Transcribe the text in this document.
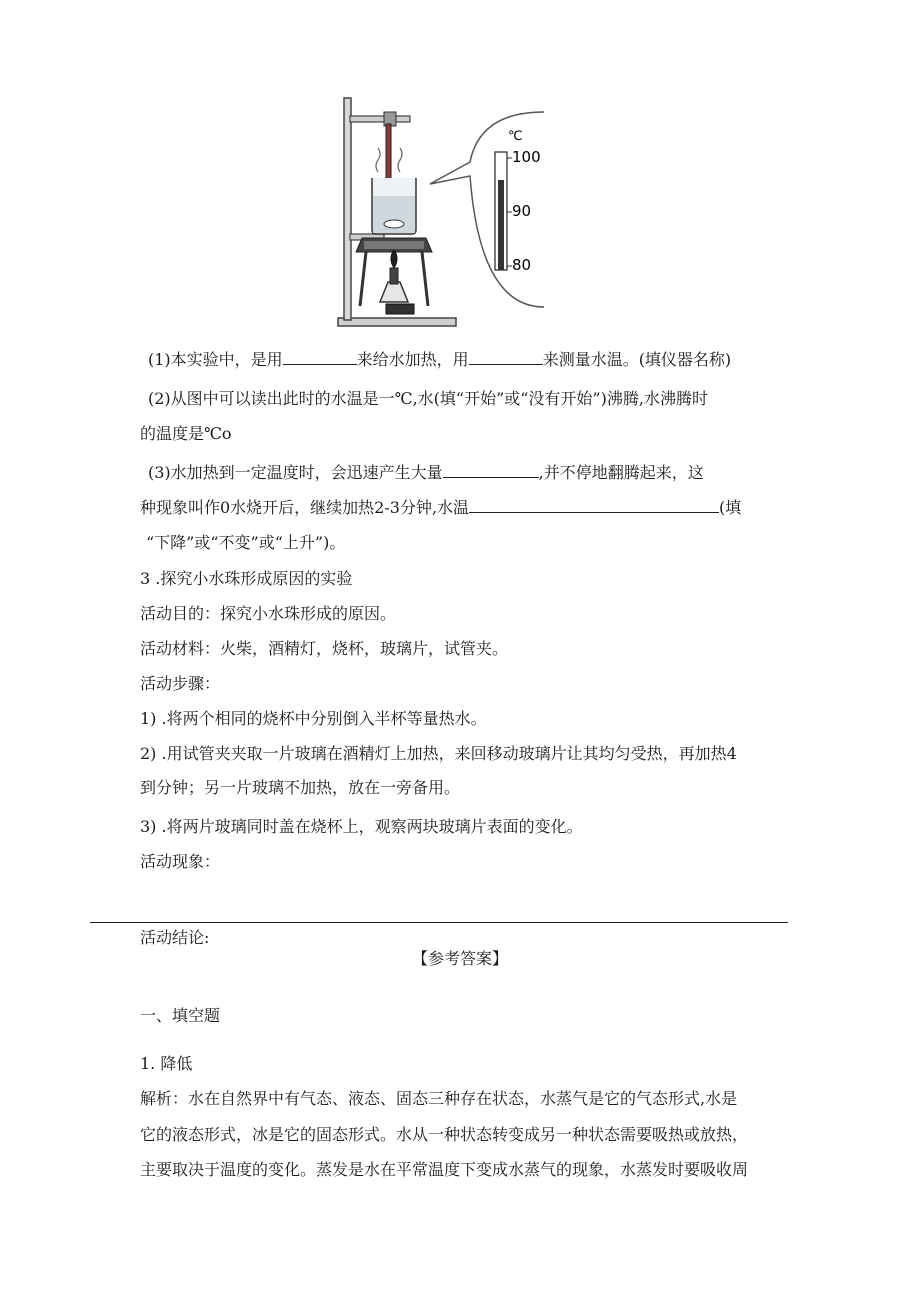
℃
100
90
80
(1)本实验中，是用	来给水加热，用	来测量水温。(填仪器名称)
(2)从图中可以读出此时的水温是一℃,水(填“开始”或“没有开始”)沸腾,水沸腾时
的温度是℃o
(3)水加热到一定温度时，会迅速产生大量	,并不停地翻腾起来，这
种现象叫作0水烧开后，继续加热2-3分钟,水温	(填
“下降”或“不变”或“上升”)。
3 .探究小水珠形成原因的实验
活动目的：探究小水珠形成的原因。
活动材料：火柴，酒精灯，烧杯，玻璃片，试管夹。
活动步骤：
1) .将两个相同的烧杯中分别倒入半杯等量热水。
2) .用试管夹夹取一片玻璃在酒精灯上加热，来回移动玻璃片让其均匀受热，再加热4
到分钟；另一片玻璃不加热，放在一旁备用。
3) .将两片玻璃同时盖在烧杯上，观察两块玻璃片表面的变化。
活动现象：
活动结论:
【参考答案】
一、填空题
1. 降低
解析：水在自然界中有气态、液态、固态三种存在状态，水蒸气是它的气态形式,水是
它的液态形式，冰是它的固态形式。水从一种状态转变成另一种状态需要吸热或放热，
主要取决于温度的变化。蒸发是水在平常温度下变成水蒸气的现象，水蒸发时要吸收周
